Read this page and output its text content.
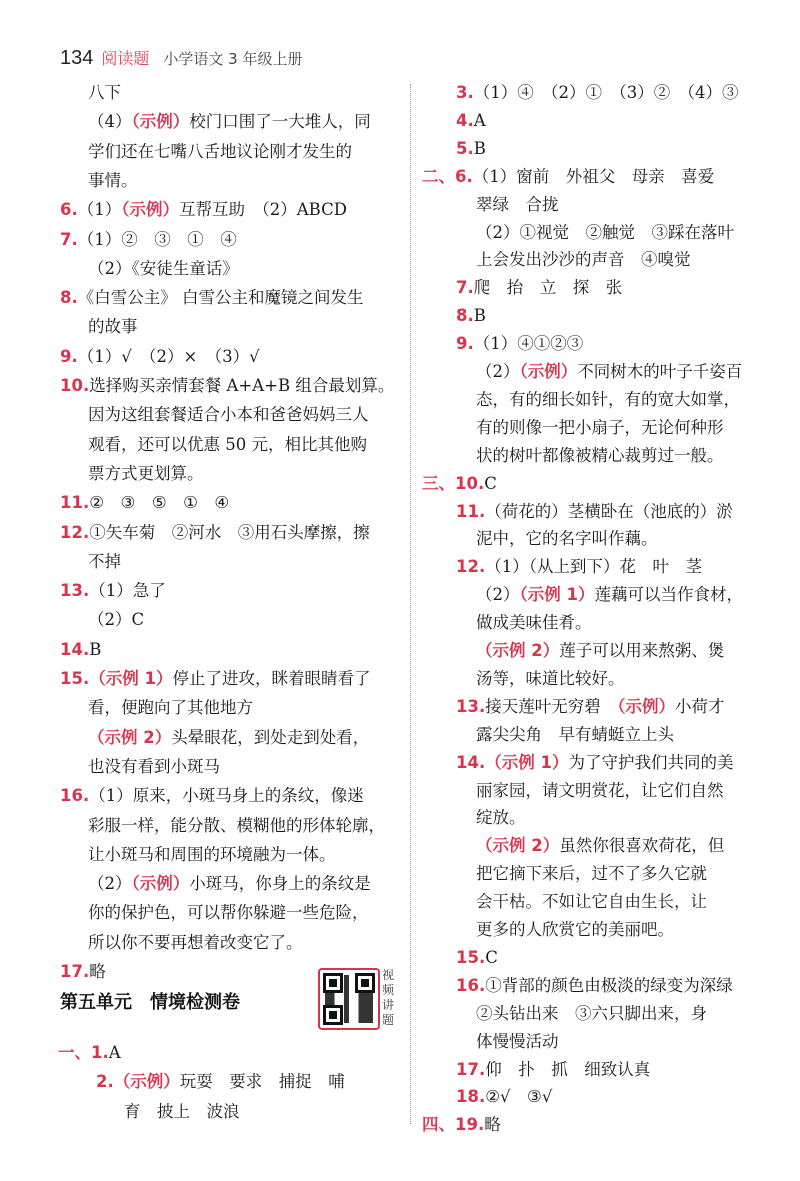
134 阅读题 小学语文 3 年级上册
八下
（4）（示例）校门口围了一大堆人，同
学们还在七嘴八舌地议论刚才发生的
事情。
6.（1）（示例）互帮互助　（2）ABCD
7.（1）②　③　①　④
（2）《安徒生童话》
8.《白雪公主》 白雪公主和魔镜之间发生
的故事
9.（1）√　（2）×　（3）√
10.选择购买亲情套餐 A+A+B 组合最划算。
因为这组套餐适合小本和爸爸妈妈三人
观看，还可以优惠 50 元，相比其他购
票方式更划算。
11.②　③　⑤　①　④
12.①矢车菊　②河水　③用石头摩擦，擦
不掉
13.（1）急了
（2）C
14.B
15.（示例 1）停止了进攻，眯着眼睛看了
看，便跑向了其他地方
（示例 2）头晕眼花，到处走到处看，
也没有看到小斑马
16.（1）原来，小斑马身上的条纹，像迷
彩服一样，能分散、模糊他的形体轮廓，
让小斑马和周围的环境融为一体。
（2）（示例）小斑马，你身上的条纹是
你的保护色，可以帮你躲避一些危险，
所以你不要再想着改变它了。
17.略
3.（1）④　（2）①　（3）②　（4）③
4.A
5.B
二、6.（1）窗前　外祖父　母亲　喜爱
翠绿　合拢
（2）①视觉　②触觉　③踩在落叶
上会发出沙沙的声音　④嗅觉
7.爬　抬　立　探　张
8.B
9.（1）④①②③
（2）（示例）不同树木的叶子千姿百
态，有的细长如针，有的宽大如掌，
有的则像一把小扇子，无论何种形
状的树叶都像被精心裁剪过一般。
三、10.C
11.（荷花的）茎横卧在（池底的）淤
泥中，它的名字叫作藕。
12.（1）（从上到下）花　叶　茎
（2）（示例 1）莲藕可以当作食材，
做成美味佳肴。
（示例 2）莲子可以用来熬粥、煲
汤等，味道比较好。
13.接天莲叶无穷碧  （示例）小荷才
露尖尖角　早有蜻蜓立上头
14.（示例 1）为了守护我们共同的美
丽家园，请文明赏花，让它们自然
绽放。
（示例 2）虽然你很喜欢荷花，但
把它摘下来后，过不了多久它就
会干枯。不如让它自由生长，让
更多的人欣赏它的美丽吧。
15.C
16.①背部的颜色由极淡的绿变为深绿
②头钻出来　③六只脚出来，身
体慢慢活动
17.仰　扑　抓　细致认真
18.②√　③√
四、19.略
第五单元　情境检测卷
视频讲题
一、1.A
2.（示例）玩耍　要求　捕捉　哺
育　披上　波浪
